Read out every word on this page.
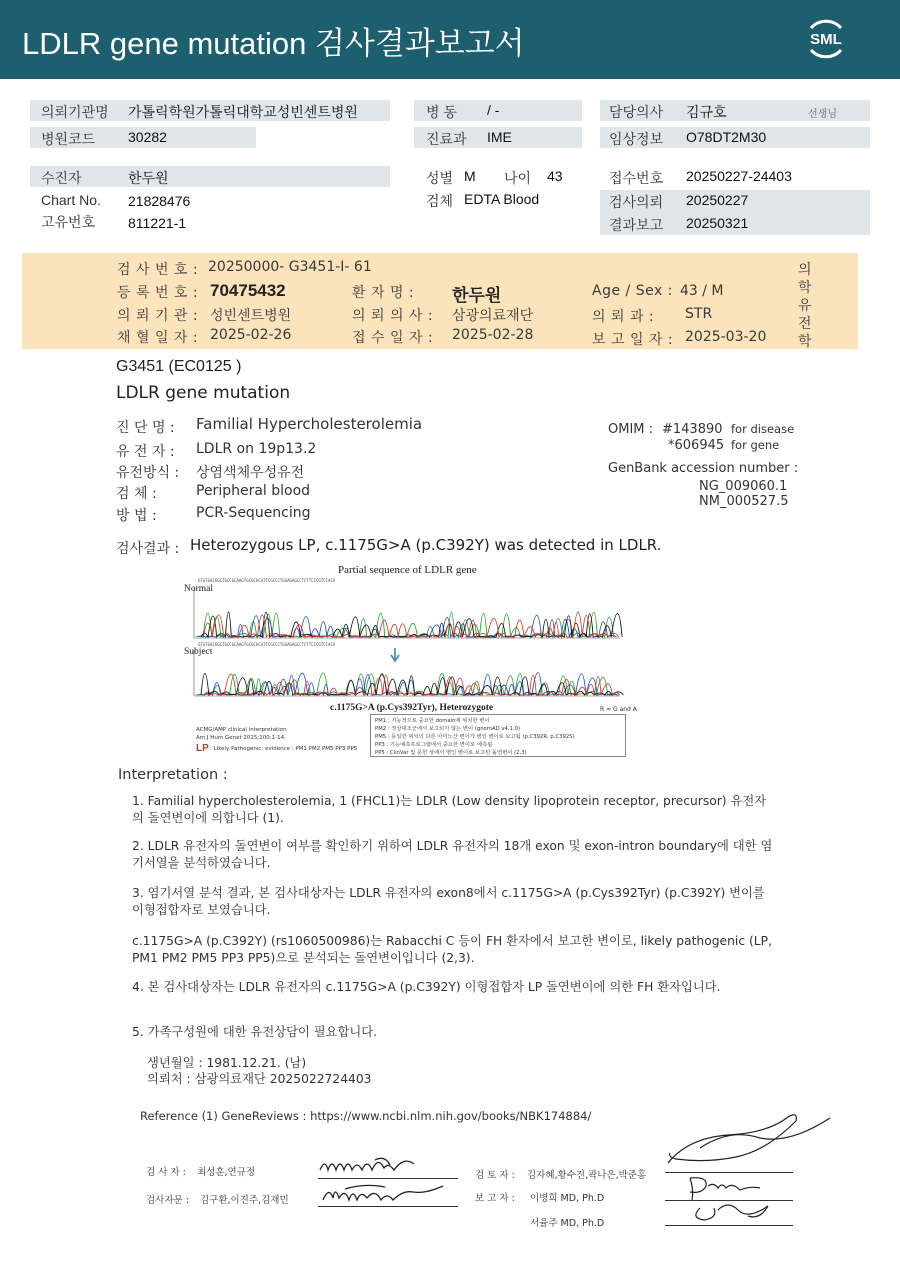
LDLR gene mutation 검사결과보고서	SML
의뢰기관명 가톨릭학원가톨릭대학교성빈센트병원
병원코드 30282
병 동 / -
진료과 IME
담당의사 김규호	선생님
임상정보 O78DT2M30
수진자	한두원
Chart No. 21828476
고유번호 811221-1
성별 M 나이 43
검체 EDTA Blood
접수번호 20250227-24403
검사의뢰 20250227
결과보고 20250321
검 사 번 호 : 20250000- G3451-I- 61
등 록 번 호 : 70475432	환 자 명 : 한두원	Age / Sex : 43 / M
의 뢰 기 관 : 성빈센트병원	의 뢰 의 사 : 삼광의료재단	의 뢰 과 : STR
채 혈 일 자 : 2025-02-26	접 수 일 자 : 2025-02-28	보 고 일 자 : 2025-03-20
의
학
유
전
학
G3451 (EC0125 )
LDLR gene mutation
진 단 명 : Familial Hypercholesterolemia
유 전 자 : LDLR on 19p13.2
유전방식 : 상염색체우성유전
검 체 :	Peripheral blood
방 법 :	PCR-Sequencing
OMIM : #143890 for disease
*606945 for gene
GenBank accession number :
NG_009060.1
NM_000527.5
검사결과 : Heterozygous LP, c.1175G>A (p.C392Y) was detected in LDLR.
Partial sequence of LDLR gene
Normal
Subject
GTGTGACGGCTGCCGCAAGTGCGCACATTCGCCCTGGAGAGCCTCTTCCCGTCCACA
GTGTGACGGCTGCCGCAAGTGCGCACATTCGCCCTGGAGAGCCTCTTCCCGTCCACA
c.1175G>A (p.Cys392Tyr), Heterozygote	R = G and A
ACMG/AMP clinical interpretation
Am J Hum Genet 2015;100:1-14.
LP : Likely Pathogenic; evidence : PM1 PM2 PM5 PP3 PP5
PM1 : 기능적으로 중요한 domain에 위치한 변이
PM2 : 정상대조군에서 보고되지 않는 변이 (gnomAD v4.1.0)
PM5 : 동일한 위치의 다른 아미노산 변이가 병인 변이로 보고됨 (p.C392R, p.C392S)
PP3 : 기능예측프로그램에서 중요한 변이로 예측됨
PP5 : ClinVar 및 문헌 상에서 병인 변이로 보고된 돌연변이 (2,3)
Interpretation :
1. Familial hypercholesterolemia, 1 (FHCL1)는 LDLR (Low density lipoprotein receptor, precursor) 유전자의 돌연변이에 의합니다 (1).
2. LDLR 유전자의 돌연변이 여부를 확인하기 위하여 LDLR 유전자의 18개 exon 및 exon-intron boundary에 대한 염기서열을 분석하였습니다.
3. 염기서열 분석 결과, 본 검사대상자는 LDLR 유전자의 exon8에서 c.1175G>A (p.Cys392Tyr) (p.C392Y) 변이를 이형접합자로 보였습니다.
c.1175G>A (p.C392Y) (rs1060500986)는 Rabacchi C 등이 FH 환자에서 보고한 변이로, likely pathogenic (LP, PM1 PM2 PM5 PP3 PP5)으로 분석되는 돌연변이입니다 (2,3).
4. 본 검사대상자는 LDLR 유전자의 c.1175G>A (p.C392Y) 이형접합자 LP 돌연변이에 의한 FH 환자입니다.
5. 가족구성원에 대한 유전상담이 필요합니다.
생년월일 : 1981.12.21. (남)
의뢰처 : 삼광의료재단 2025022724403
Reference (1) GeneReviews : https://www.ncbi.nlm.nih.gov/books/NBK174884/
검 사 자 : 최성훈,연규정
검사자문 : 김구환,이진주,김재민
검 토 자 : 김자혜,황수진,곽나은,박준홍
보 고 자 : 이병희 MD, Ph.D
서율주 MD, Ph.D
